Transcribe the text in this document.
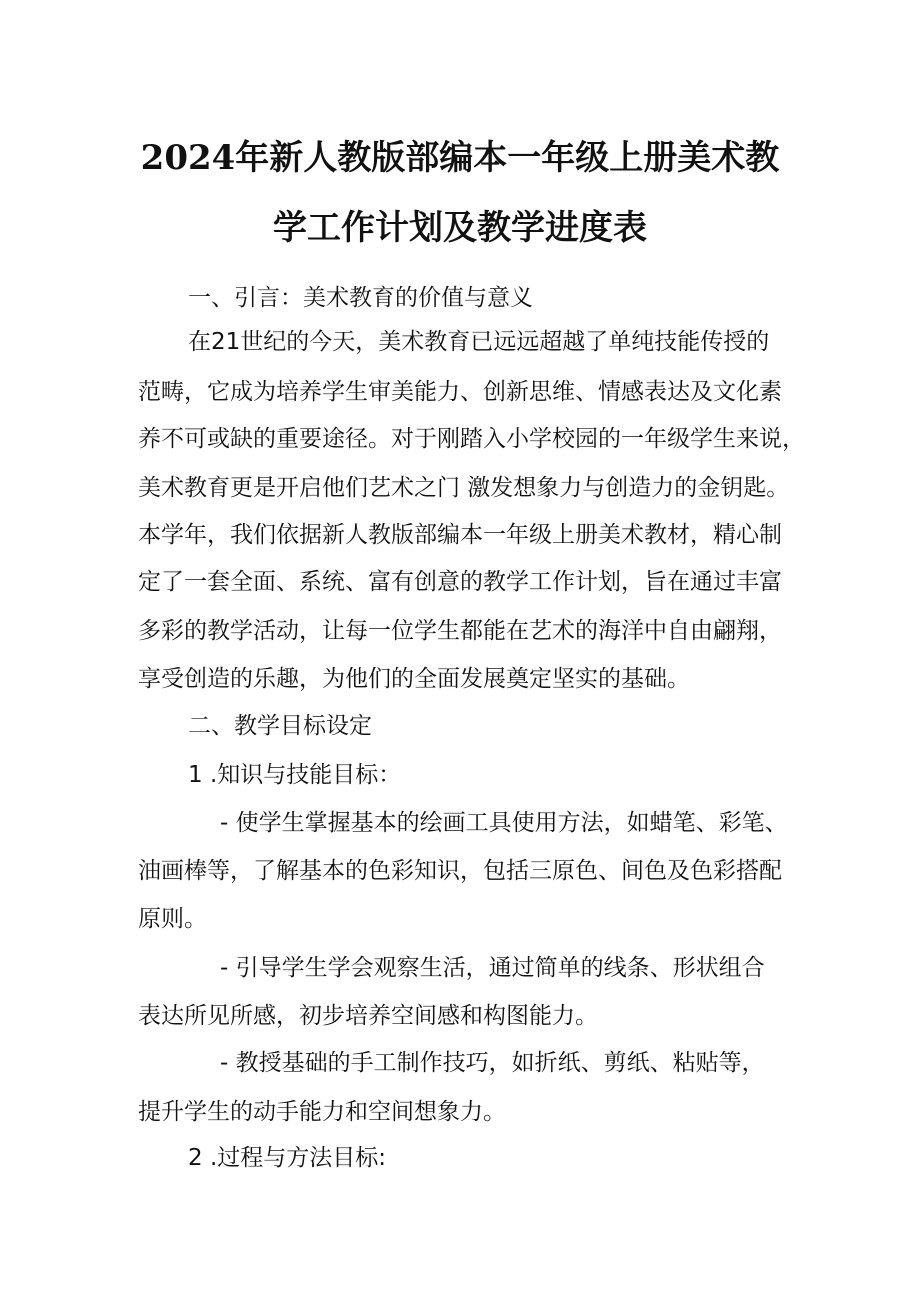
2024年新人教版部编本一年级上册美术教
学工作计划及教学进度表
一、引言：美术教育的价值与意义
在21世纪的今天，美术教育已远远超越了单纯技能传授的
范畴，它成为培养学生审美能力、创新思维、情感表达及文化素
养不可或缺的重要途径。对于刚踏入小学校园的一年级学生来说，
美术教育更是开启他们艺术之门 激发想象力与创造力的金钥匙。
本学年，我们依据新人教版部编本一年级上册美术教材，精心制
定了一套全面、系统、富有创意的教学工作计划，旨在通过丰富
多彩的教学活动，让每一位学生都能在艺术的海洋中自由翩翔，
享受创造的乐趣，为他们的全面发展奠定坚实的基础。
二、教学目标设定
1 .知识与技能目标：
- 使学生掌握基本的绘画工具使用方法，如蜡笔、彩笔、
油画棒等，了解基本的色彩知识，包括三原色、间色及色彩搭配
原则。
- 引导学生学会观察生活，通过简单的线条、形状组合
表达所见所感，初步培养空间感和构图能力。
- 教授基础的手工制作技巧，如折纸、剪纸、粘贴等，
提升学生的动手能力和空间想象力。
2 .过程与方法目标:
